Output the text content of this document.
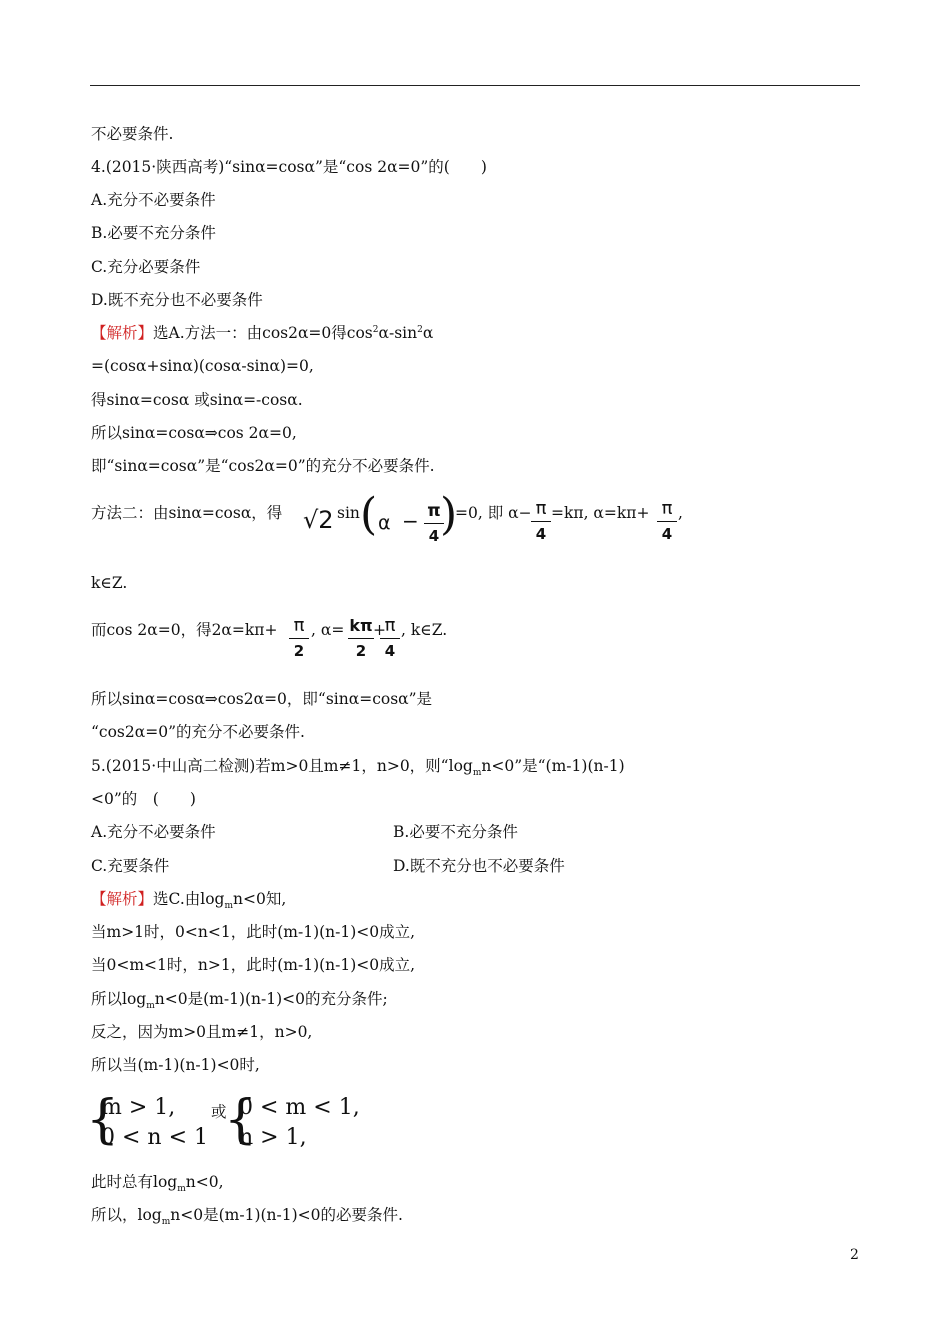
不必要条件.
4.(2015·陕西高考)“sinα=cosα”是“cos 2α=0”的(　　)
A.充分不必要条件
B.必要不充分条件
C.充分必要条件
D.既不充分也不必要条件
【解析】选A.方法一：由cos2α=0得$\cos^2\alpha-\sin^2\alpha$
=(cosα+sinα)(cosα-sinα)=0,
得sinα=cosα 或sinα=-cosα.
所以sinα=cosα⇒cos 2α=0,
即“sinα=cosα”是“cos2α=0”的充分不必要条件.
方法二：由sinα=cosα，得 √2 sin ( α − π
4 )
=0, 即 α− π
4
=kπ, α=kπ+ π
4
,
k∈Z.
而cos 2α=0，得2α=kπ+ π
2
, α= kπ
2
+
π
4
, k∈Z.
所以sinα=cosα⇒cos2α=0，即“sinα=cosα”是
“cos2α=0”的充分不必要条件.
5.(2015·中山高二检测)若m>0且m≠1，n>0，则“$\log_mn<0$”是“(m-1)(n-1)
<0”的　(　　)
A.充分不必要条件	B.必要不充分条件
C.充要条件	D.既不充分也不必要条件
【解析】选C.由$\log_mn<0$知,
当m>1时，0<n<1，此时(m-1)(n-1)<0成立,
当0<m<1时，n>1，此时(m-1)(n-1)<0成立,
所以$\log_mn<0$是(m-1)(n-1)<0的充分条件;
反之，因为m>0且m≠1，n>0,
所以当(m-1)(n-1)<0时,
{
m > 1,
0 < n < 1
或
{
0 < m < 1,
n > 1,
此时总有$\log_mn<0$,
所以，$\log_mn<0$是(m-1)(n-1)<0的必要条件.
2
